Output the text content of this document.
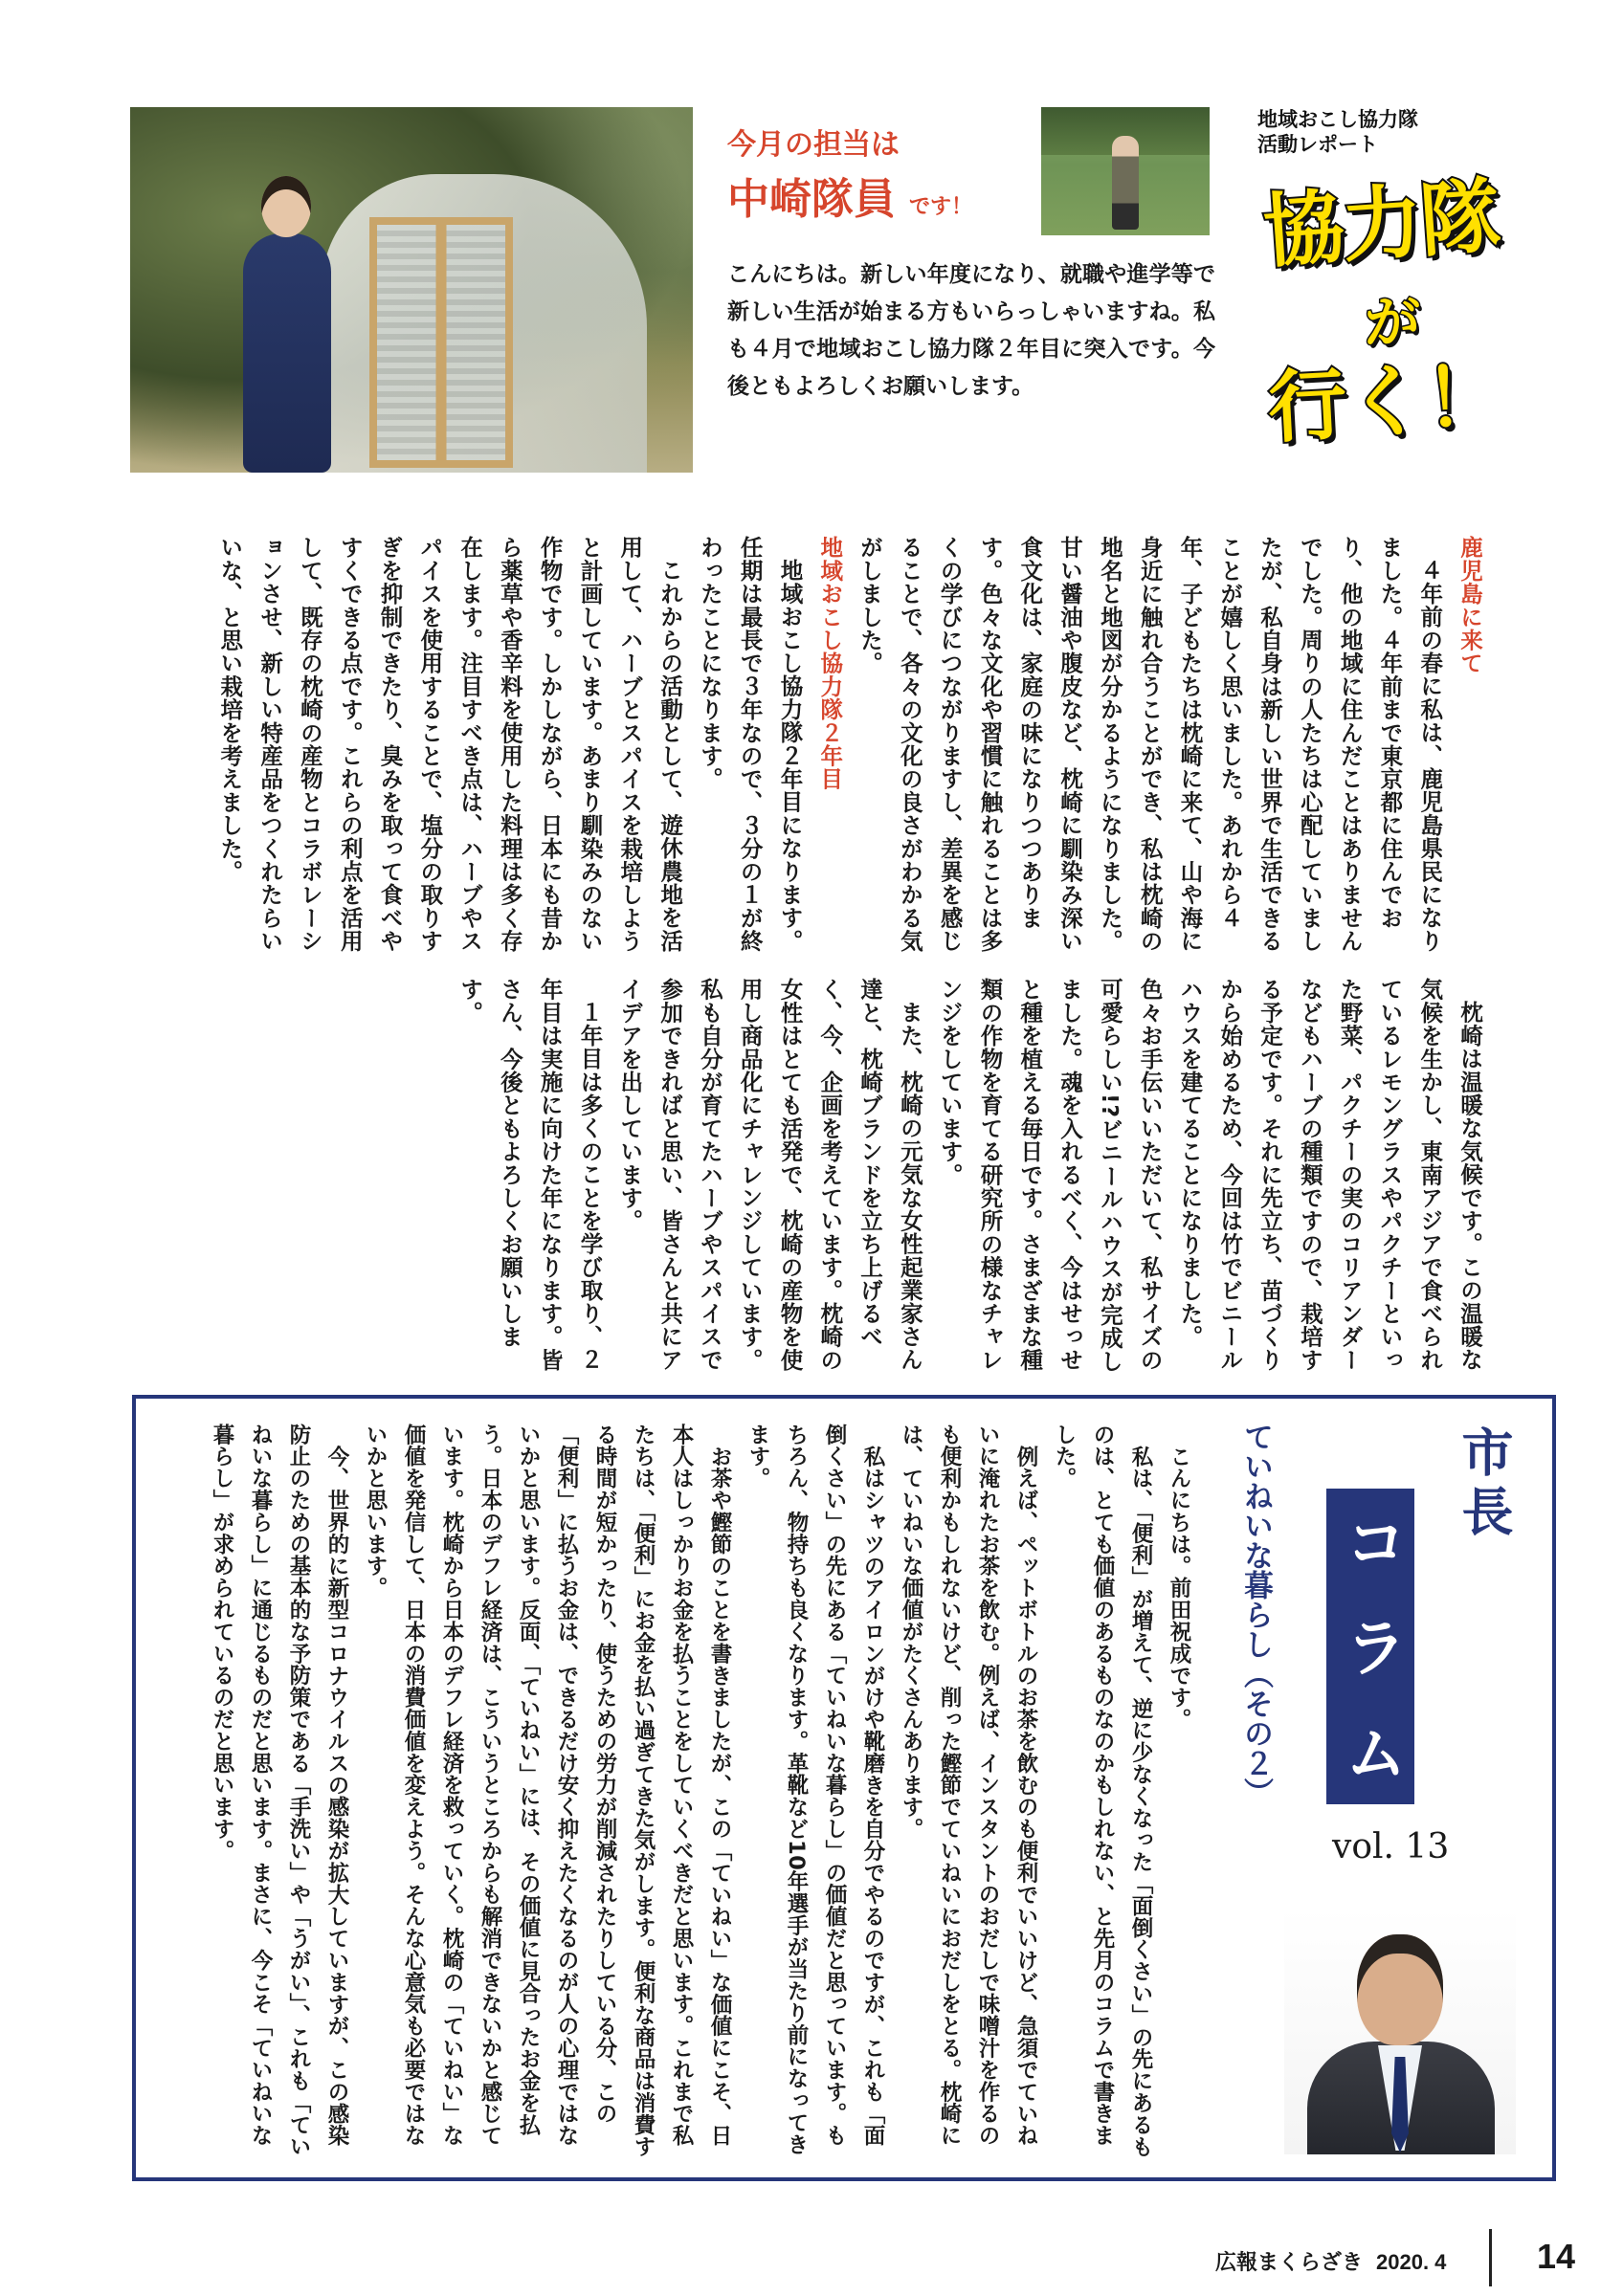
今月の担当は
中崎隊員 です！
こんにちは。新しい年度になり、就職や進学等で新しい生活が始まる方もいらっしゃいますね。私も４月で地域おこし協力隊２年目に突入です。今後ともよろしくお願いします。
地域おこし協力隊
活動レポート
協力隊
が
行く！
鹿児島に来て

４年前の春に私は、鹿児島県民になりました。４年前まで東京都に住んでおり、他の地域に住んだことはありませんでした。周りの人たちは心配していましたが、私自身は新しい世界で生活できることが嬉しく思いました。あれから４年、子どもたちは枕崎に来て、山や海に身近に触れ合うことができ、私は枕崎の地名と地図が分かるようになりました。甘い醤油や腹皮など、枕崎に馴染み深い食文化は、家庭の味になりつつあります。色々な文化や習慣に触れることは多くの学びにつながりますし、差異を感じることで、各々の文化の良さがわかる気がしました。

地域おこし協力隊２年目

地域おこし協力隊２年目になります。任期は最長で３年なので、３分の１が終わったことになります。

これからの活動として、遊休農地を活用して、ハーブとスパイスを栽培しようと計画しています。あまり馴染みのない作物です。しかしながら、日本にも昔から薬草や香辛料を使用した料理は多く存在します。注目すべき点は、ハーブやスパイスを使用することで、塩分の取りすぎを抑制できたり、臭みを取って食べやすくできる点です。これらの利点を活用して、既存の枕崎の産物とコラボレーションさせ、新しい特産品をつくれたらいいな、と思い栽培を考えました。

枕崎は温暖な気候です。この温暖な気候を生かし、東南アジアで食べられているレモングラスやパクチーといった野菜、パクチーの実のコリアンダーなどもハーブの種類ですので、栽培する予定です。それに先立ち、苗づくりから始めるため、今回は竹でビニールハウスを建てることになりました。色々お手伝いいただいて、私サイズの可愛らしい!?ビニールハウスが完成しました。魂を入れるべく、今はせっせと種を植える毎日です。さまざまな種類の作物を育てる研究所の様なチャレンジをしています。

また、枕崎の元気な女性起業家さん達と、枕崎ブランドを立ち上げるべく、今、企画を考えています。枕崎の女性はとても活発で、枕崎の産物を使用し商品化にチャレンジしています。私も自分が育てたハーブやスパイスで参加できればと思い、皆さんと共にアイデアを出しています。

１年目は多くのことを学び取り、２年目は実施に向けた年になります。皆さん、今後ともよろしくお願いします。

市長
コ
ラ
ム
ていねいな暮らし（その２）
vol. 13

こんにちは。前田祝成です。

私は、「便利」が増えて、逆に少なくなった「面倒くさい」の先にあるものは、とても価値のあるものなのかもしれない、と先月のコラムで書きました。

例えば、ペットボトルのお茶を飲むのも便利でいいけど、急須でていねいに淹れたお茶を飲む。例えば、インスタントのおだしで味噌汁を作るのも便利かもしれないけど、削った鰹節でていねいにおだしをとる。枕崎には、ていねいな価値がたくさんあります。

私はシャツのアイロンがけや靴磨きを自分でやるのですが、これも「面倒くさい」の先にある「ていねいな暮らし」の価値だと思っています。もちろん、物持ちも良くなります。革靴など10年選手が当たり前になってきます。

お茶や鰹節のことを書きましたが、この「ていねい」な価値にこそ、日本人はしっかりお金を払うことをしていくべきだと思います。これまで私たちは、「便利」にお金を払い過ぎてきた気がします。便利な商品は消費する時間が短かったり、使うための労力が削減されたりしている分、この「便利」に払うお金は、できるだけ安く抑えたくなるのが人の心理ではないかと思います。反面、「ていねい」には、その価値に見合ったお金を払う。日本のデフレ経済は、こういうところからも解消できないかと感じています。枕崎から日本のデフレ経済を救っていく。枕崎の「ていねい」な価値を発信して、日本の消費価値を変えよう。そんな心意気も必要ではないかと思います。

今、世界的に新型コロナウイルスの感染が拡大していますが、この感染防止のための基本的な予防策である「手洗い」や「うがい」、これも「ていねいな暮らし」に通じるものだと思います。まさに、今こそ「ていねいな暮らし」が求められているのだと思います。

広報まくらざき 2020. 4	14
